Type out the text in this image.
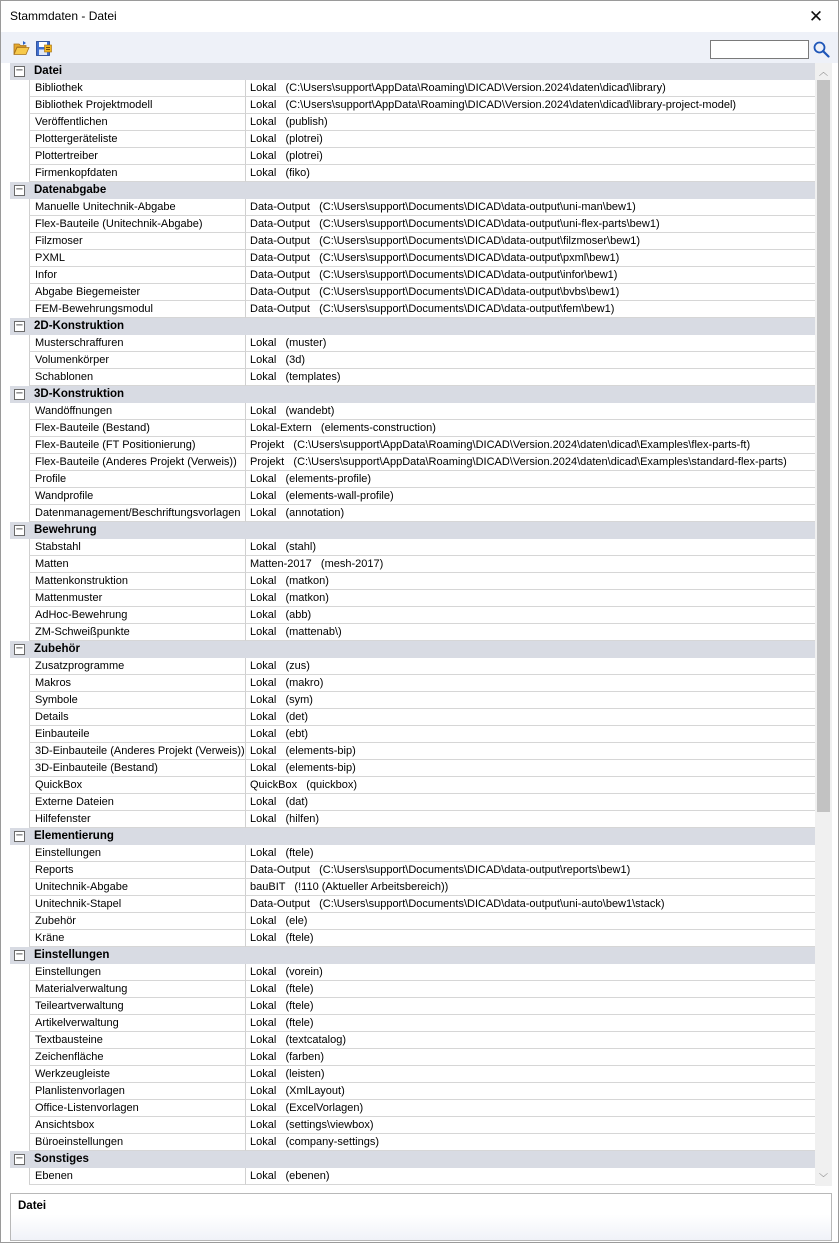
Stammdaten - Datei	✕
− Datei
Bibliothek	Lokal   (C:\Users\support\AppData\Roaming\DICAD\Version.2024\daten\dicad\library)
Bibliothek Projektmodell	Lokal   (C:\Users\support\AppData\Roaming\DICAD\Version.2024\daten\dicad\library-project-model)
Veröffentlichen	Lokal   (publish)
Plottergeräteliste	Lokal   (plotrei)
Plottertreiber	Lokal   (plotrei)
Firmenkopfdaten	Lokal   (fiko)
− Datenabgabe
Manuelle Unitechnik-Abgabe	Data-Output   (C:\Users\support\Documents\DICAD\data-output\uni-man\bew1)
Flex-Bauteile (Unitechnik-Abgabe)	Data-Output   (C:\Users\support\Documents\DICAD\data-output\uni-flex-parts\bew1)
Filzmoser	Data-Output   (C:\Users\support\Documents\DICAD\data-output\filzmoser\bew1)
PXML	Data-Output   (C:\Users\support\Documents\DICAD\data-output\pxml\bew1)
Infor	Data-Output   (C:\Users\support\Documents\DICAD\data-output\infor\bew1)
Abgabe Biegemeister	Data-Output   (C:\Users\support\Documents\DICAD\data-output\bvbs\bew1)
FEM-Bewehrungsmodul	Data-Output   (C:\Users\support\Documents\DICAD\data-output\fem\bew1)
− 2D-Konstruktion
Musterschraffuren	Lokal   (muster)
Volumenkörper	Lokal   (3d)
Schablonen	Lokal   (templates)
− 3D-Konstruktion
Wandöffnungen	Lokal   (wandebt)
Flex-Bauteile (Bestand)	Lokal-Extern   (elements-construction)
Flex-Bauteile (FT Positionierung)	Projekt   (C:\Users\support\AppData\Roaming\DICAD\Version.2024\daten\dicad\Examples\flex-parts-ft)
Flex-Bauteile (Anderes Projekt (Verweis))	Projekt   (C:\Users\support\AppData\Roaming\DICAD\Version.2024\daten\dicad\Examples\standard-flex-parts)
Profile	Lokal   (elements-profile)
Wandprofile	Lokal   (elements-wall-profile)
Datenmanagement/Beschriftungsvorlagen Lokal   (annotation)
− Bewehrung
Stabstahl	Lokal   (stahl)
Matten	Matten-2017   (mesh-2017)
Mattenkonstruktion	Lokal   (matkon)
Mattenmuster	Lokal   (matkon)
AdHoc-Bewehrung	Lokal   (abb)
ZM-Schweißpunkte	Lokal   (mattenab\)
− Zubehör
Zusatzprogramme	Lokal   (zus)
Makros	Lokal   (makro)
Symbole	Lokal   (sym)
Details	Lokal   (det)
Einbauteile	Lokal   (ebt)
3D-Einbauteile (Anderes Projekt (Verweis)) Lokal   (elements-bip)
3D-Einbauteile (Bestand)	Lokal   (elements-bip)
QuickBox	QuickBox   (quickbox)
Externe Dateien	Lokal   (dat)
Hilfefenster	Lokal   (hilfen)
− Elementierung
Einstellungen	Lokal   (ftele)
Reports	Data-Output   (C:\Users\support\Documents\DICAD\data-output\reports\bew1)
Unitechnik-Abgabe	bauBIT   (!110 (Aktueller Arbeitsbereich))
Unitechnik-Stapel	Data-Output   (C:\Users\support\Documents\DICAD\data-output\uni-auto\bew1\stack)
Zubehör	Lokal   (ele)
Kräne	Lokal   (ftele)
− Einstellungen
Einstellungen	Lokal   (vorein)
Materialverwaltung	Lokal   (ftele)
Teileartverwaltung	Lokal   (ftele)
Artikelverwaltung	Lokal   (ftele)
Textbausteine	Lokal   (textcatalog)
Zeichenfläche	Lokal   (farben)
Werkzeugleiste	Lokal   (leisten)
Planlistenvorlagen	Lokal   (XmlLayout)
Office-Listenvorlagen	Lokal   (ExcelVorlagen)
Ansichtsbox	Lokal   (settings\viewbox)
Büroeinstellungen	Lokal   (company-settings)
− Sonstiges
Ebenen	Lokal   (ebenen)
︿
﹀
Datei
